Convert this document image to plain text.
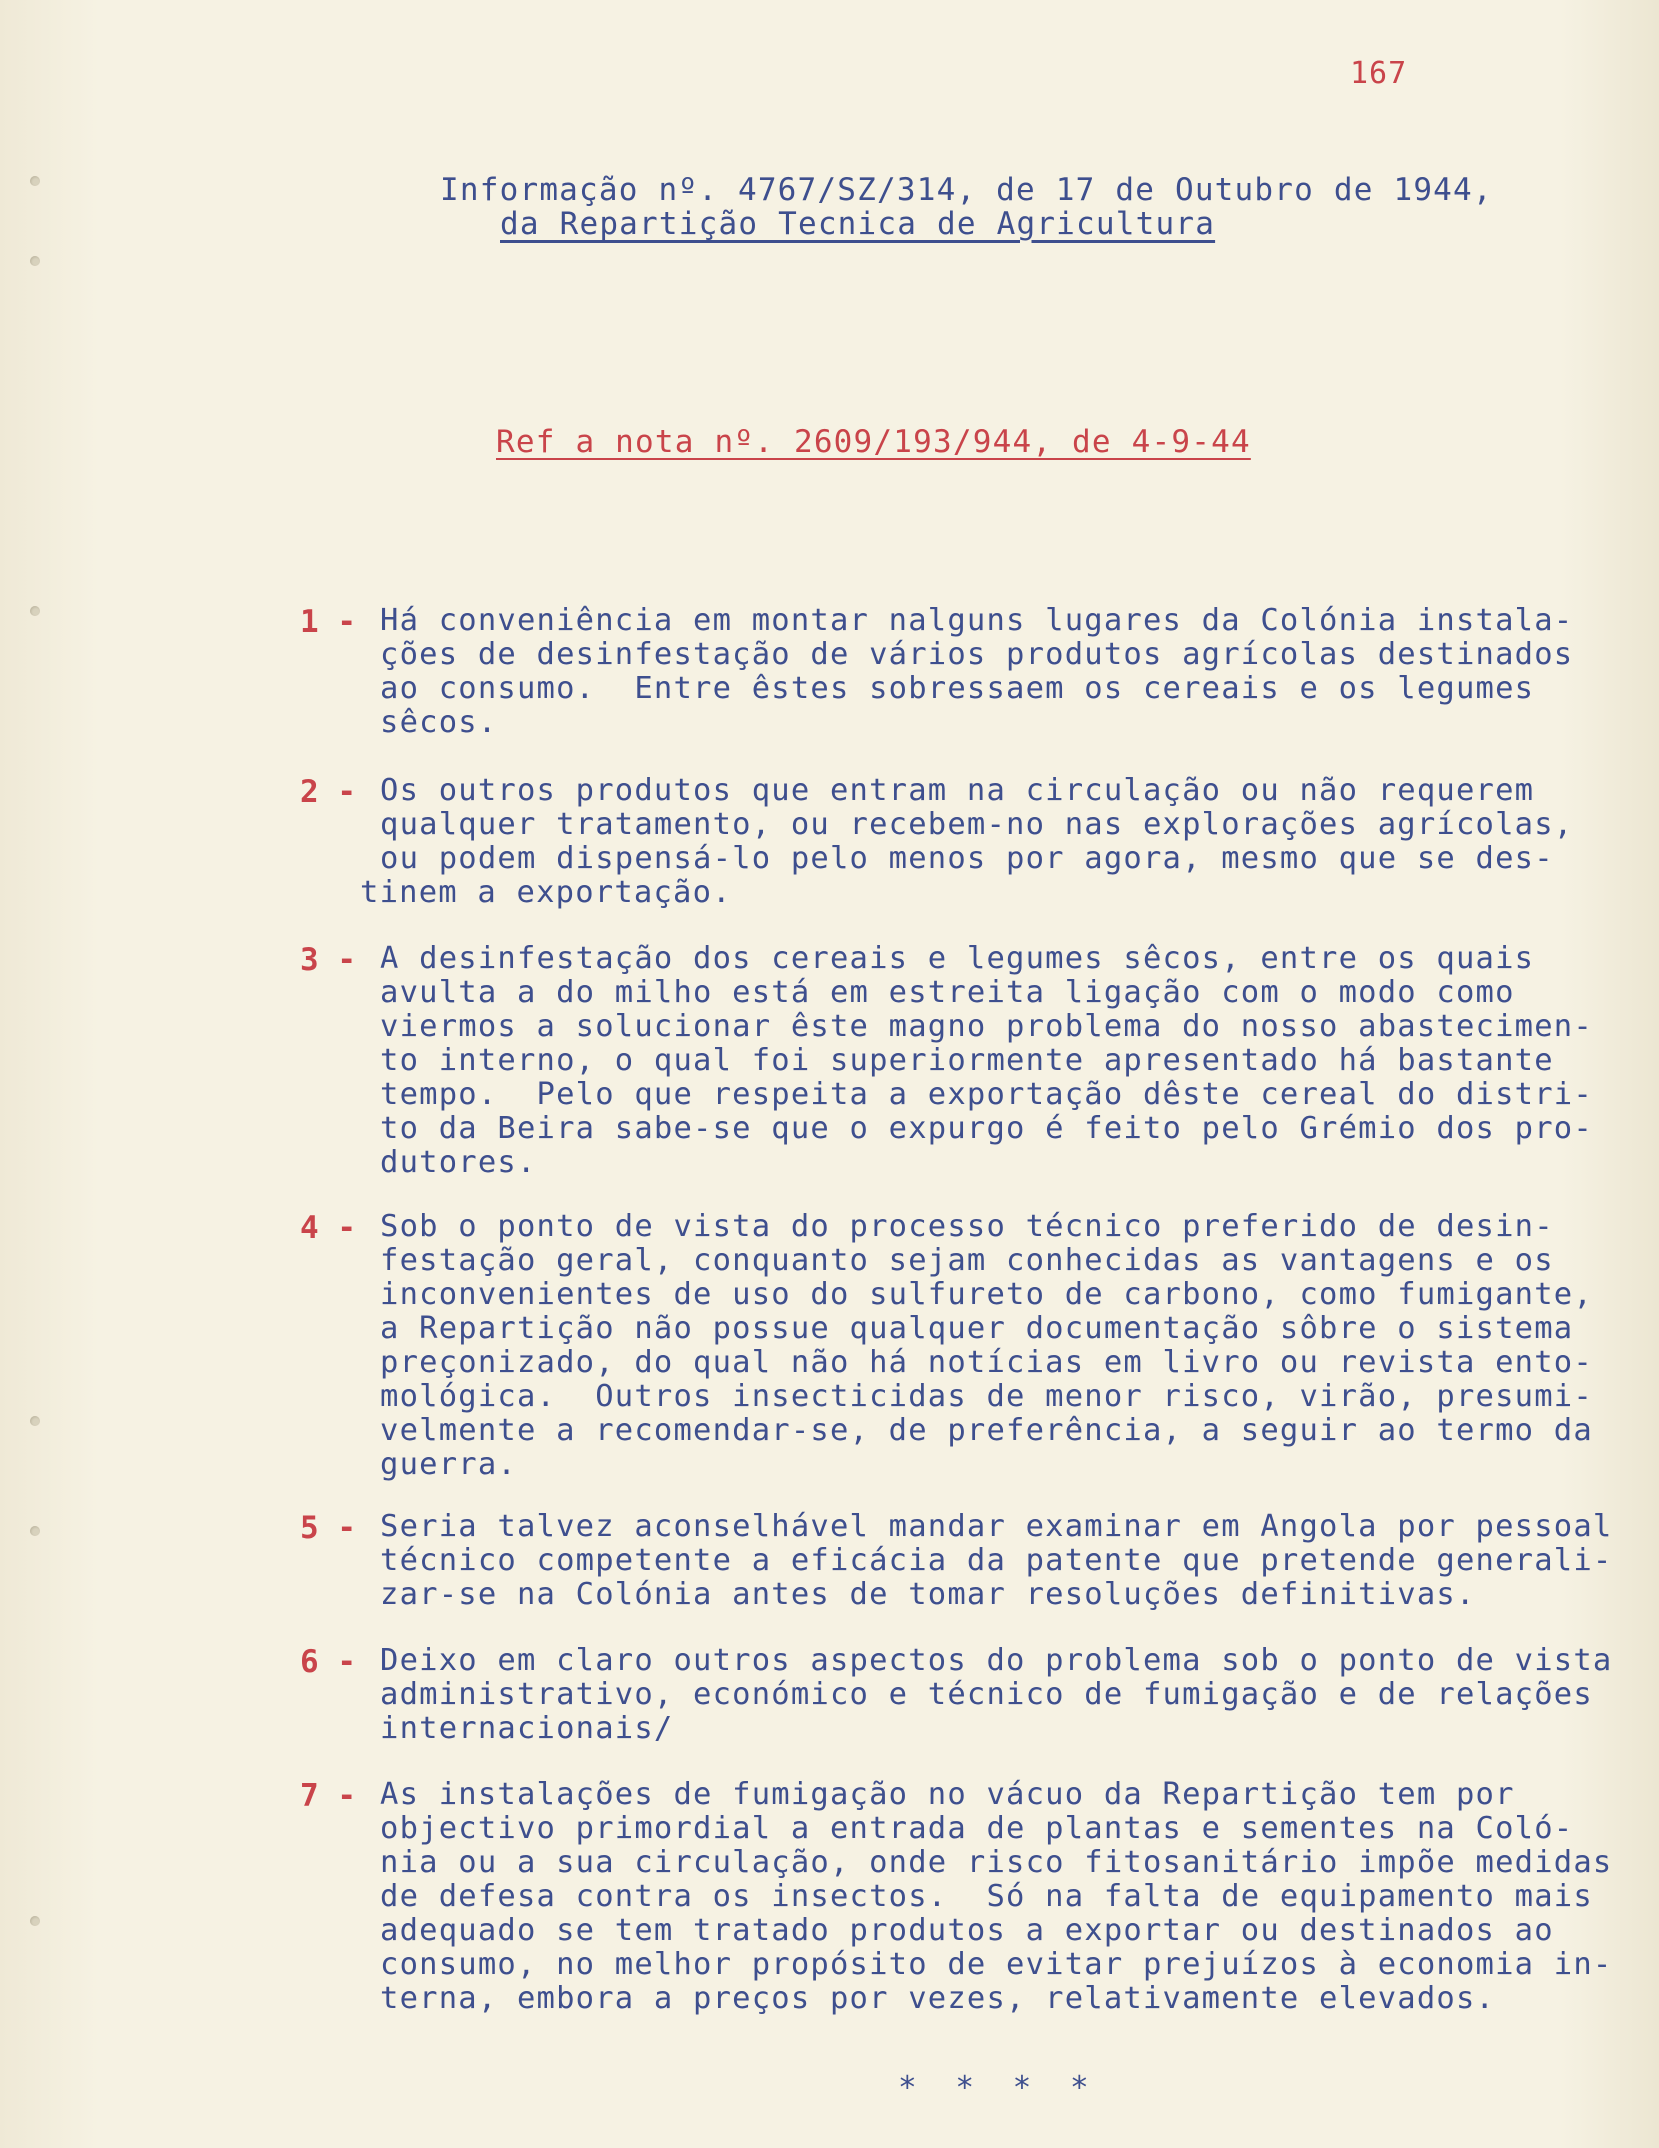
167
Informação nº. 4767/SZ/314, de 17 de Outubro de 1944,
da Repartição Tecnica de Agricultura
Ref a nota nº. 2609/193/944, de 4-9-44
1 - Há conveniência em montar nalguns lugares da Colónia instala-
ções de desinfestação de vários produtos agrícolas destinados
ao consumo.  Entre êstes sobressaem os cereais e os legumes
sêcos.
2 - Os outros produtos que entram na circulação ou não requerem
qualquer tratamento, ou recebem-no nas explorações agrícolas,
ou podem dispensá-lo pelo menos por agora, mesmo que se des-
tinem a exportação.
3 - A desinfestação dos cereais e legumes sêcos, entre os quais
avulta a do milho está em estreita ligação com o modo como
viermos a solucionar êste magno problema do nosso abastecimen-
to interno, o qual foi superiormente apresentado há bastante
tempo.  Pelo que respeita a exportação dêste cereal do distri-
to da Beira sabe-se que o expurgo é feito pelo Grémio dos pro-
dutores.
4 - Sob o ponto de vista do processo técnico preferido de desin-
festação geral, conquanto sejam conhecidas as vantagens e os
inconvenientes de uso do sulfureto de carbono, como fumigante,
a Repartição não possue qualquer documentação sôbre o sistema
preçonizado, do qual não há notícias em livro ou revista ento-
mológica.  Outros insecticidas de menor risco, virão, presumi-
velmente a recomendar-se, de preferência, a seguir ao termo da
guerra.
5 - Seria talvez aconselhável mandar examinar em Angola por pessoal
técnico competente a eficácia da patente que pretende generali-
zar-se na Colónia antes de tomar resoluções definitivas.
6 - Deixo em claro outros aspectos do problema sob o ponto de vista
administrativo, económico e técnico de fumigação e de relações
internacionais/
7 - As instalações de fumigação no vácuo da Repartição tem por
objectivo primordial a entrada de plantas e sementes na Coló-
nia ou a sua circulação, onde risco fitosanitário impõe medidas
de defesa contra os insectos.  Só na falta de equipamento mais
adequado se tem tratado produtos a exportar ou destinados ao
consumo, no melhor propósito de evitar prejuízos à economia in-
terna, embora a preços por vezes, relativamente elevados.
* * * *
